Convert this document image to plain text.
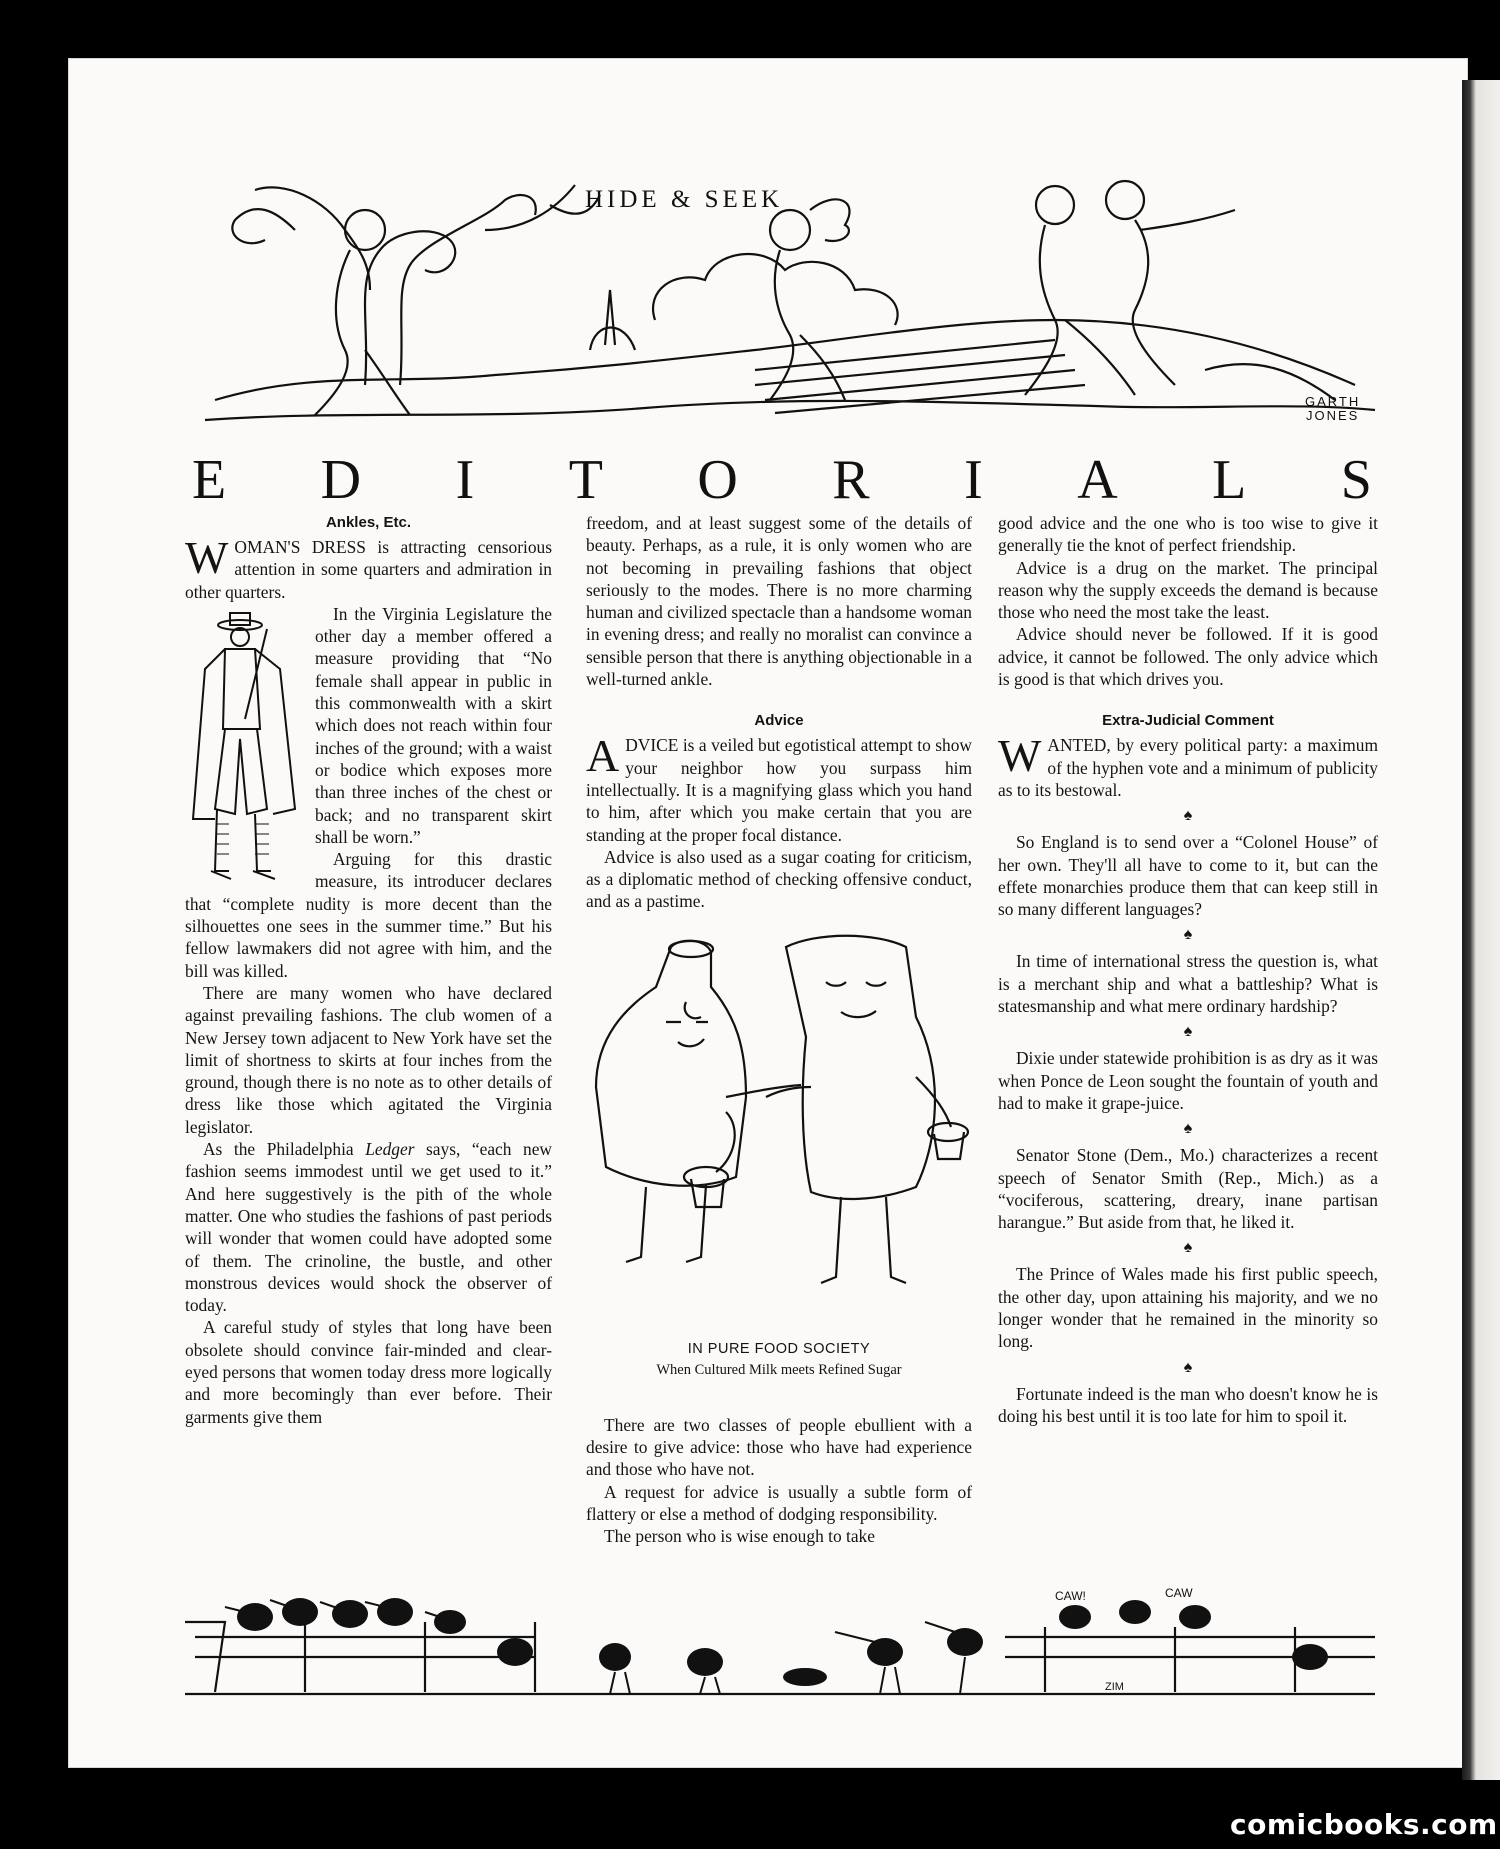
HIDE & SEEK
GARTH
JONES
E D I T O R I A L S
Ankles, Etc.

WOMAN'S DRESS is attracting censorious attention in some quarters and admiration in other quarters.

In the Virginia Legislature the other day a member offered a measure providing that “No female shall appear in public in this commonwealth with a skirt which does not reach within four inches of the ground; with a waist or bodice which exposes more than three inches of the chest or back; and no transparent skirt shall be worn.”

Arguing for this drastic measure, its introducer declares that “complete nudity is more decent than the silhouettes one sees in the summer time.” But his fellow lawmakers did not agree with him, and the bill was killed.

There are many women who have declared against prevailing fashions. The club women of a New Jersey town adjacent to New York have set the limit of shortness to skirts at four inches from the ground, though there is no note as to other details of dress like those which agitated the Virginia legislator.

As the Philadelphia Ledger says, “each new fashion seems immodest until we get used to it.” And here suggestively is the pith of the whole matter. One who studies the fashions of past periods will wonder that women could have adopted some of them. The crinoline, the bustle, and other monstrous devices would shock the observer of today.

A careful study of styles that long have been obsolete should convince fair-minded and clear-eyed persons that women today dress more logically and more becomingly than ever before. Their garments give them

freedom, and at least suggest some of the details of beauty. Perhaps, as a rule, it is only women who are not becoming in prevailing fashions that object seriously to the modes. There is no more charming human and civilized spectacle than a handsome woman in evening dress; and really no moralist can convince a sensible person that there is anything objectionable in a well-turned ankle.

Advice

ADVICE is a veiled but egotistical attempt to show your neighbor how you surpass him intellectually. It is a magnifying glass which you hand to him, after which you make certain that you are standing at the proper focal distance.

Advice is also used as a sugar coating for criticism, as a diplomatic method of checking offensive conduct, and as a pastime.

IN PURE FOOD SOCIETY
When Cultured Milk meets Refined Sugar

There are two classes of people ebullient with a desire to give advice: those who have had experience and those who have not.

A request for advice is usually a subtle form of flattery or else a method of dodging responsibility.

The person who is wise enough to take

good advice and the one who is too wise to give it generally tie the knot of perfect friendship.

Advice is a drug on the market. The principal reason why the supply exceeds the demand is because those who need the most take the least.

Advice should never be followed. If it is good advice, it cannot be followed. The only advice which is good is that which drives you.

Extra-Judicial Comment

WANTED, by every political party: a maximum of the hyphen vote and a minimum of publicity as to its bestowal.

♠

So England is to send over a “Colonel House” of her own. They'll all have to come to it, but can the effete monarchies produce them that can keep still in so many different languages?

♠

In time of international stress the question is, what is a merchant ship and what a battleship? What is statesmanship and what mere ordinary hardship?

♠

Dixie under statewide prohibition is as dry as it was when Ponce de Leon sought the fountain of youth and had to make it grape-juice.

♠

Senator Stone (Dem., Mo.) characterizes a recent speech of Senator Smith (Rep., Mich.) as a “vociferous, scattering, dreary, inane partisan harangue.” But aside from that, he liked it.

♠

The Prince of Wales made his first public speech, the other day, upon attaining his majority, and we no longer wonder that he remained in the minority so long.

♠

Fortunate indeed is the man who doesn't know he is doing his best until it is too late for him to spoil it.

CAW!	CAW
ZIM
comicbooks.com
